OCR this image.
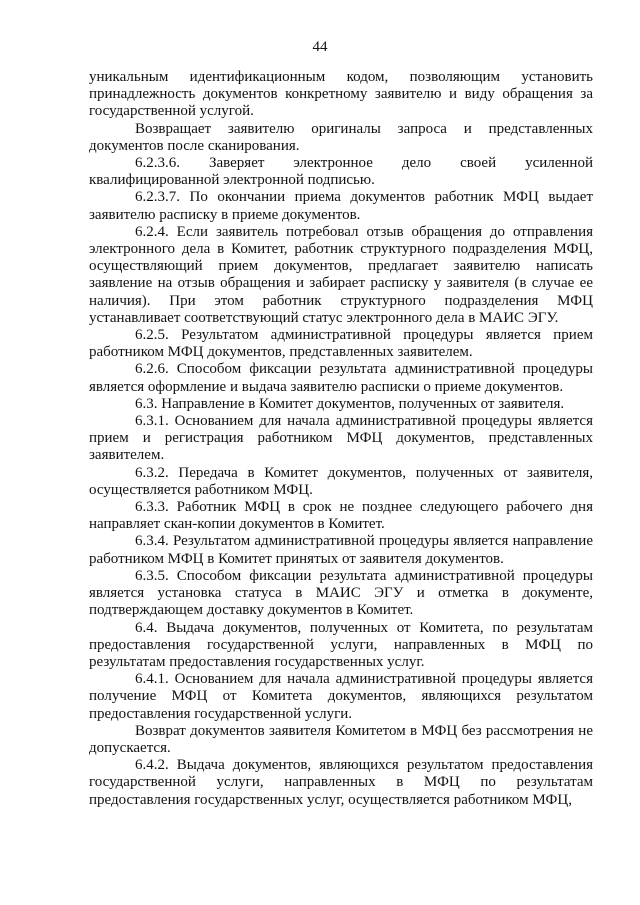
44

уникальным идентификационным кодом, позволяющим установить принадлежность документов конкретному заявителю и виду обращения за государственной услугой.

Возвращает заявителю оригиналы запроса и представленных документов после сканирования.

6.2.3.6. Заверяет электронное дело своей усиленной квалифицированной электронной подписью.

6.2.3.7. По окончании приема документов работник МФЦ выдает заявителю расписку в приеме документов.

6.2.4. Если заявитель потребовал отзыв обращения до отправления электронного дела в Комитет, работник структурного подразделения МФЦ, осуществляющий прием документов, предлагает заявителю написать заявление на отзыв обращения и забирает расписку у заявителя (в случае ее наличия). При этом работник структурного подразделения МФЦ устанавливает соответствующий статус электронного дела в МАИС ЭГУ.

6.2.5. Результатом административной процедуры является прием работником МФЦ документов, представленных заявителем.

6.2.6. Способом фиксации результата административной процедуры является оформление и выдача заявителю расписки о приеме документов.

6.3. Направление в Комитет документов, полученных от заявителя.

6.3.1. Основанием для начала административной процедуры является прием и регистрация работником МФЦ документов, представленных заявителем.

6.3.2. Передача в Комитет документов, полученных от заявителя, осуществляется работником МФЦ.

6.3.3. Работник МФЦ в срок не позднее следующего рабочего дня направляет скан-копии документов в Комитет.

6.3.4. Результатом административной процедуры является направление работником МФЦ в Комитет принятых от заявителя документов.

6.3.5. Способом фиксации результата административной процедуры является установка статуса в МАИС ЭГУ и отметка в документе, подтверждающем доставку документов в Комитет.

6.4. Выдача документов, полученных от Комитета, по результатам предоставления государственной услуги, направленных в МФЦ по результатам предоставления государственных услуг.

6.4.1. Основанием для начала административной процедуры является получение МФЦ от Комитета документов, являющихся результатом предоставления государственной услуги.

Возврат документов заявителя Комитетом в МФЦ без рассмотрения не допускается.

6.4.2. Выдача документов, являющихся результатом предоставления государственной услуги, направленных в МФЦ по результатам предоставления государственных услуг, осуществляется работником МФЦ,
